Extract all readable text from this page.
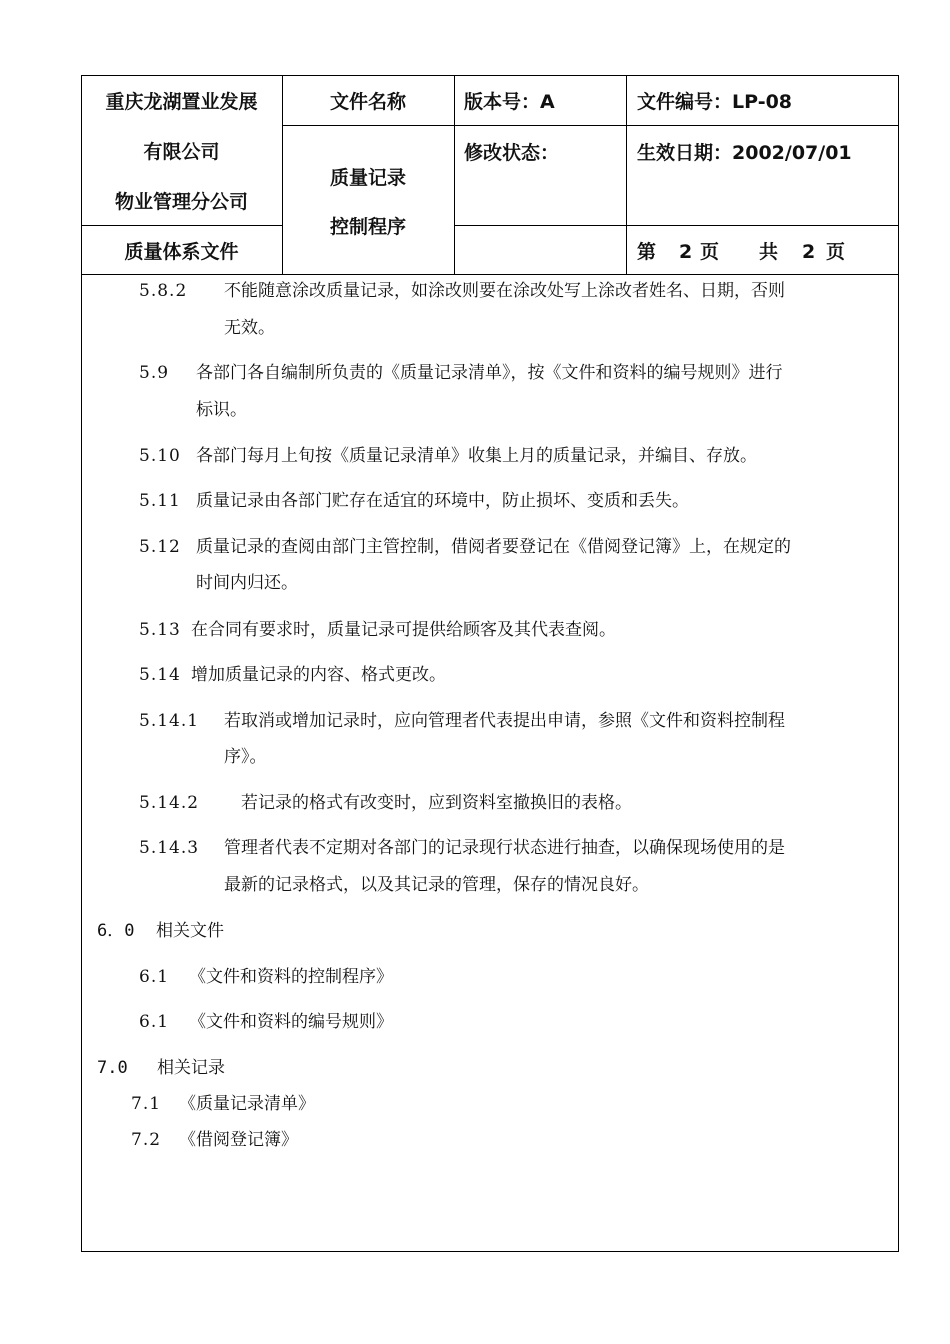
重庆龙湖置业发展
有限公司
物业管理分公司
质量体系文件
文件名称
质量记录
控制程序
版本号：A
修改状态：
文件编号：LP-08
生效日期：2002/07/01
第 2 页 共 2 页
5.8.2 不能随意涂改质量记录，如涂改则要在涂改处写上涂改者姓名、日期，否则
无效。
5.9 各部门各自编制所负责的《质量记录清单》，按《文件和资料的编号规则》进行
标识。
5.10 各部门每月上旬按《质量记录清单》收集上月的质量记录，并编目、存放。
5.11 质量记录由各部门贮存在适宜的环境中，防止损坏、变质和丢失。
5.12 质量记录的查阅由部门主管控制，借阅者要登记在《借阅登记簿》上，在规定的
时间内归还。
5.13 在合同有要求时，质量记录可提供给顾客及其代表查阅。
5.14 增加质量记录的内容、格式更改。
5.14.1 若取消或增加记录时，应向管理者代表提出申请，参照《文件和资料控制程
序》。
5.14.2 若记录的格式有改变时，应到资料室撤换旧的表格。
5.14.3 管理者代表不定期对各部门的记录现行状态进行抽查，以确保现场使用的是
最新的记录格式，以及其记录的管理，保存的情况良好。
6．0 相关文件
6.1 《文件和资料的控制程序》
6.1 《文件和资料的编号规则》
7.0 相关记录
7.1 《质量记录清单》
7.2 《借阅登记簿》
